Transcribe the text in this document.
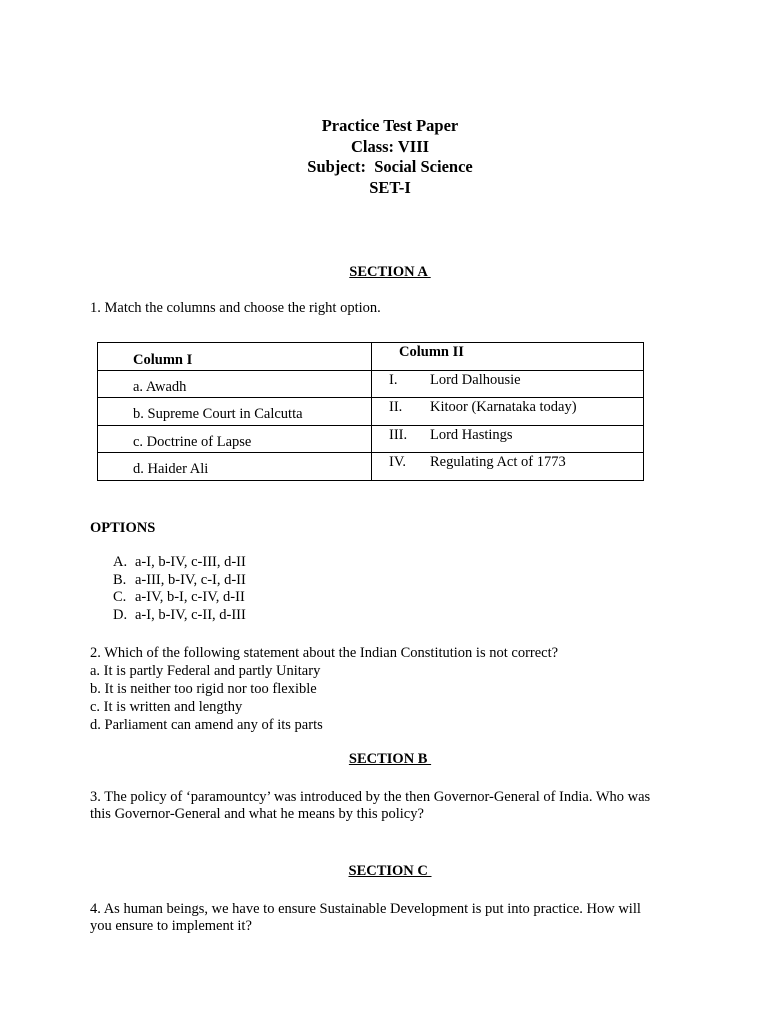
Practice Test Paper
Class: VIII
Subject:  Social Science
SET-I
SECTION A
1. Match the columns and choose the right option.
Column I	Column II

a. Awadh	I. Lord Dalhousie

b. Supreme Court in Calcutta	II. Kitoor (Karnataka today)

c. Doctrine of Lapse	III. Lord Hastings

d. Haider Ali	IV. Regulating Act of 1773
OPTIONS
A. a-I, b-IV, c-III, d-II
B. a-III, b-IV, c-I, d-II
C. a-IV, b-I, c-IV, d-II
D. a-I, b-IV, c-II, d-III
2. Which of the following statement about the Indian Constitution is not correct?
a. It is partly Federal and partly Unitary
b. It is neither too rigid nor too flexible
c. It is written and lengthy
d. Parliament can amend any of its parts
SECTION B
3. The policy of ‘paramountcy’ was introduced by the then Governor-General of India. Who was
this Governor-General and what he means by this policy?
SECTION C
4. As human beings, we have to ensure Sustainable Development is put into practice. How will
you ensure to implement it?
